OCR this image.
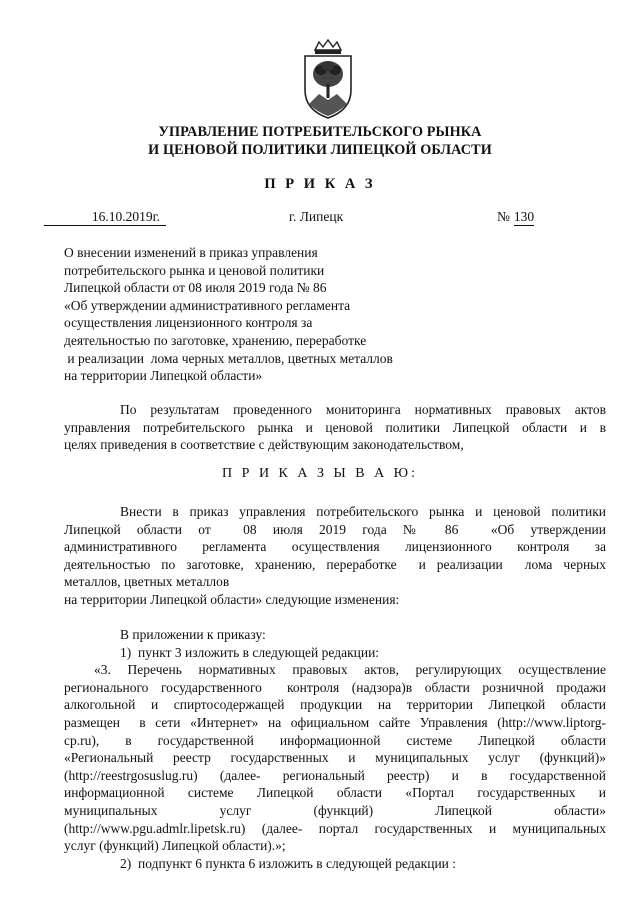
УПРАВЛЕНИЕ ПОТРЕБИТЕЛЬСКОГО РЫНКА
И ЦЕНОВОЙ ПОЛИТИКИ ЛИПЕЦКОЙ ОБЛАСТИ
П Р И К А З
16.10.2019г.	г. Липецк	№ 130
О внесении изменений в приказ управления
потребительского рынка и ценовой политики
Липецкой области от 08 июля 2019 года № 86
«Об утверждении административного регламента
осуществления лицензионного контроля за
деятельностью по заготовке, хранению, переработке
и реализации  лома черных металлов, цветных металлов
на территории Липецкой области»
По результатам проведенного мониторинга нормативных правовых актов
управления потребительского рынка и ценовой политики Липецкой области и в
целях приведения в соответствие с действующим законодательством,
П Р И К А З Ы В А Ю:
Внести в приказ управления потребительского рынка и ценовой политики
Липецкой области от  08 июля 2019 года № 86  «Об утверждении
административного регламента осуществления лицензионного контроля за
деятельностью по заготовке, хранению, переработке  и реализации  лома черных
металлов, цветных металлов
на территории Липецкой области» следующие изменения:
В приложении к приказу:
1)  пункт 3 изложить в следующей редакции:
«3. Перечень нормативных правовых актов, регулирующих осуществление
регионального государственного  контроля (надзора)в области розничной продажи
алкогольной и спиртосодержащей продукции на территории Липецкой области
размещен  в сети «Интернет» на официальном сайте Управления (http://www.liptorg-
cp.ru), в государственной информационной системе Липецкой области
«Региональный реестр государственных и муниципальных услуг (функций)»
(http://reestrgosuslug.ru) (далее- региональный реестр) и в государственной
информационной системе Липецкой области «Портал государственных и
муниципальных услуг (функций) Липецкой области»
(http://www.pgu.admlr.lipetsk.ru) (далее- портал государственных и муниципальных
услуг (функций) Липецкой области).»;
2)  подпункт 6 пункта 6 изложить в следующей редакции :
